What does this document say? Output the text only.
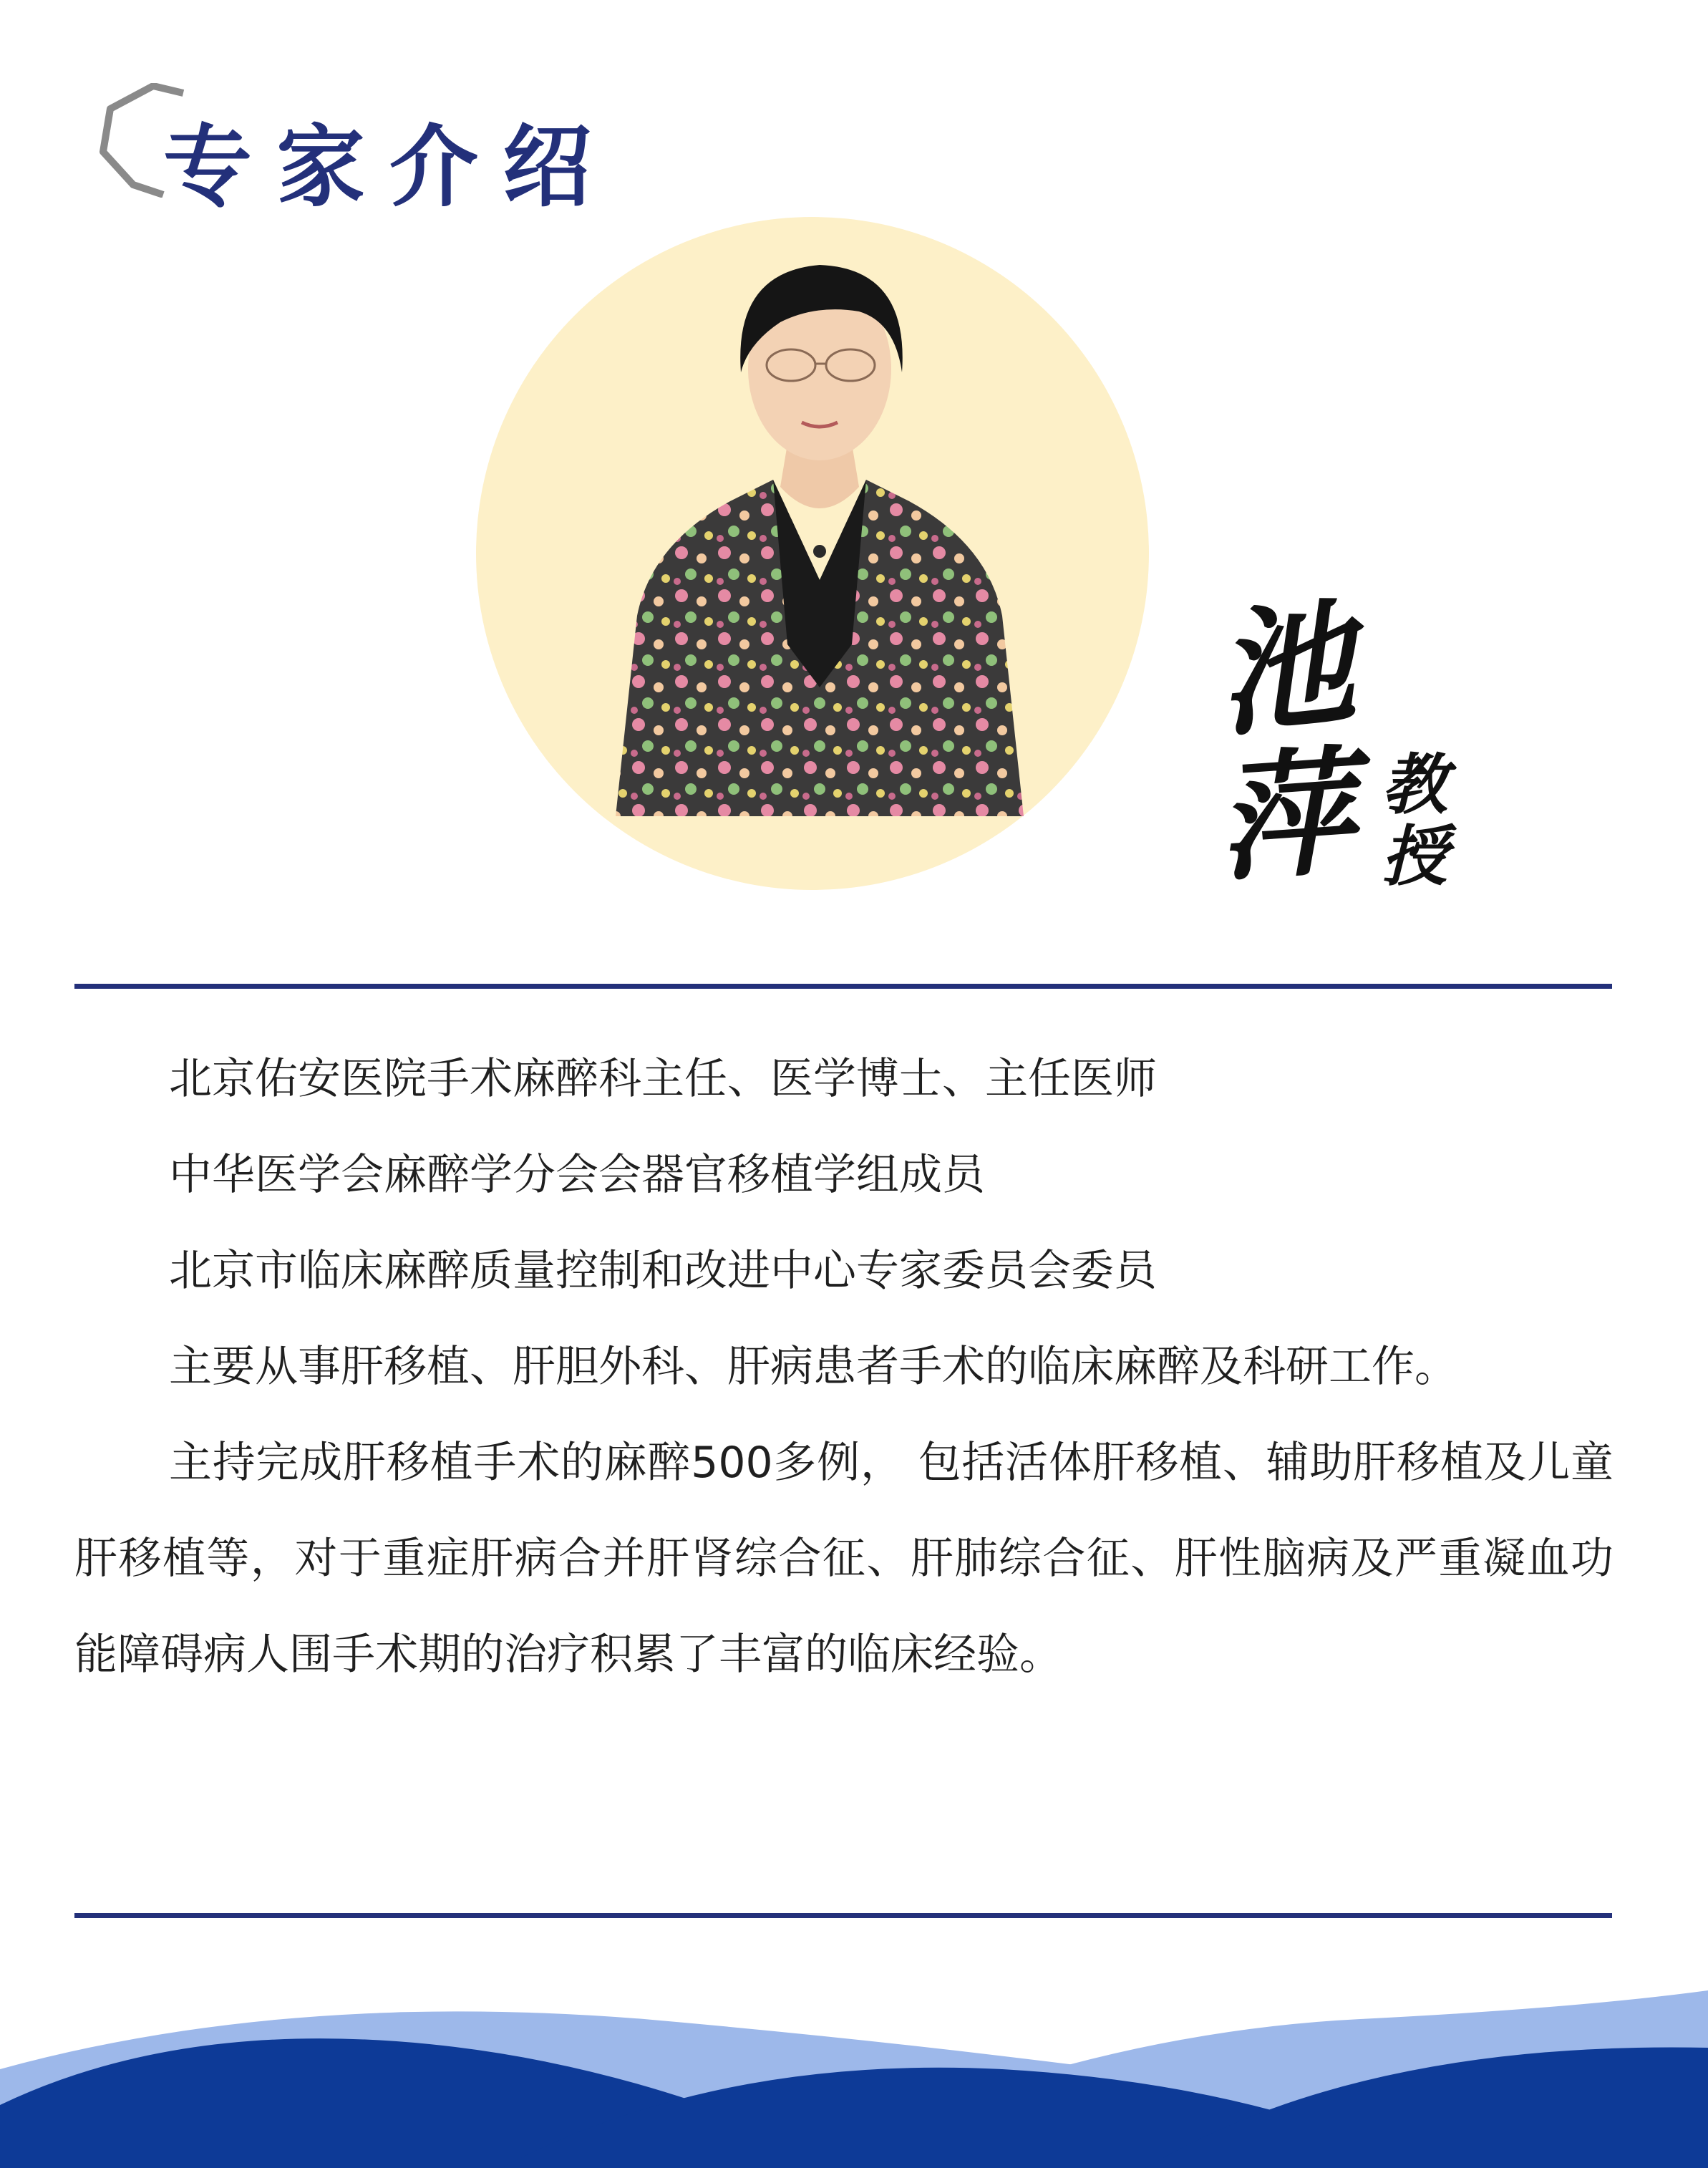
专家介绍
池
萍 教
授

北京佑安医院手术麻醉科主任、医学博士、主任医师

中华医学会麻醉学分会会器官移植学组成员

北京市临床麻醉质量控制和改进中心专家委员会委员

主要从事肝移植、肝胆外科、肝病患者手术的临床麻醉及科研工作。

主持完成肝移植手术的麻醉500多例， 包括活体肝移植、辅助肝移植及儿童肝移植等，对于重症肝病合并肝肾综合征、肝肺综合征、肝性脑病及严重凝血功能障碍病人围手术期的治疗积累了丰富的临床经验。
